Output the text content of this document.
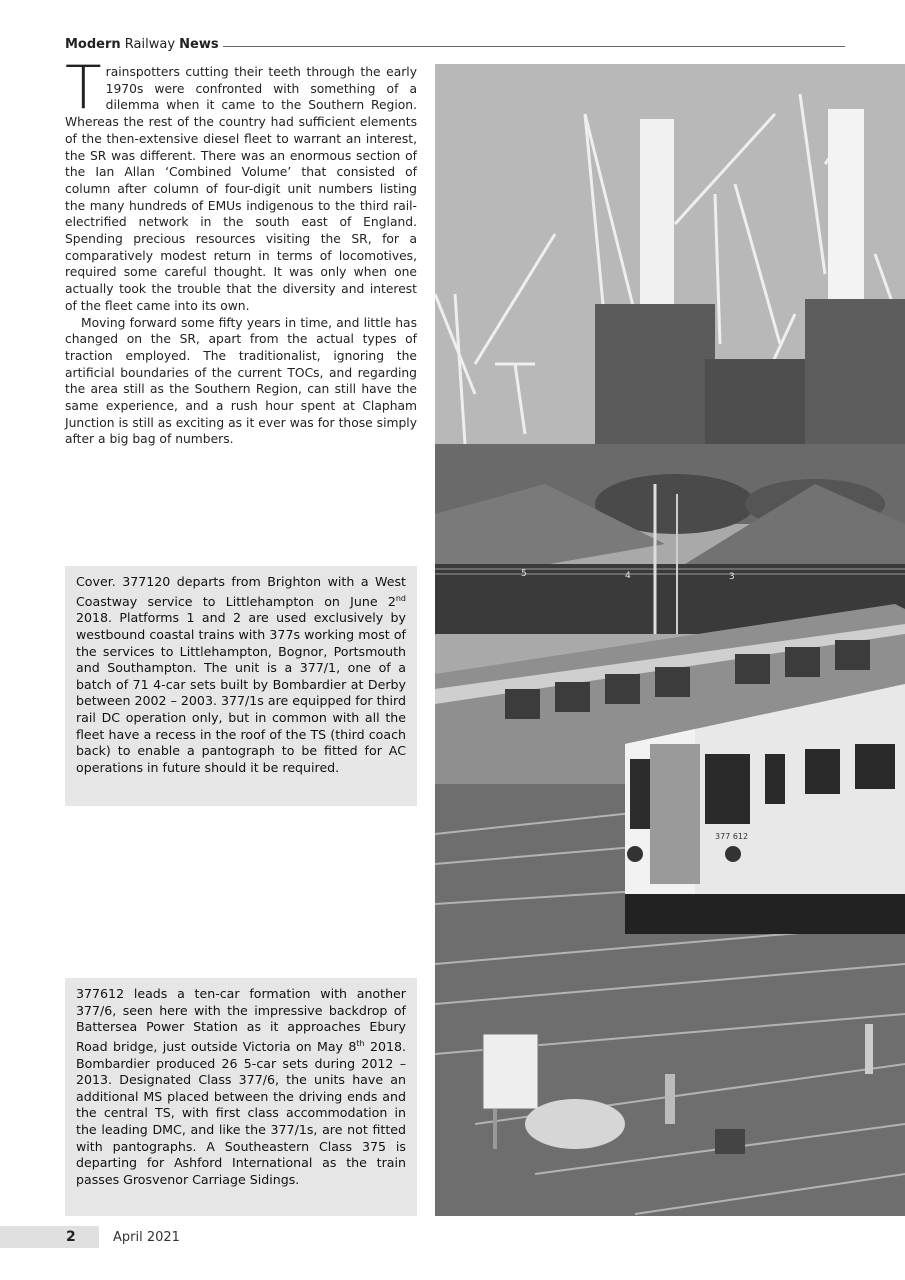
Modern Railway News

Trainspotters cutting their teeth through the early 1970s were confronted with something of a dilemma when it came to the Southern Region. Whereas the rest of the country had sufficient elements of the then-extensive diesel fleet to warrant an interest, the SR was different. There was an enormous section of the Ian Allan ‘Combined Volume’ that consisted of column after column of four-digit unit numbers listing the many hundreds of EMUs indigenous to the third rail-electrified network in the south east of England. Spending precious resources visiting the SR, for a comparatively modest return in terms of locomotives, required some careful thought. It was only when one actually took the trouble that the diversity and interest of the fleet came into its own.

Moving forward some fifty years in time, and little has changed on the SR, apart from the actual types of traction employed. The traditionalist, ignoring the artificial boundaries of the current TOCs, and regarding the area still as the Southern Region, can still have the same experience, and a rush hour spent at Clapham Junction is still as exciting as it ever was for those simply after a big bag of numbers.

Cover. 377120 departs from Brighton with a West Coastway service to Littlehampton on June 2nd 2018. Platforms 1 and 2 are used exclusively by westbound coastal trains with 377s working most of the services to Littlehampton, Bognor, Portsmouth and Southampton. The unit is a 377/1, one of a batch of 71 4-car sets built by Bombardier at Derby between 2002 – 2003. 377/1s are equipped for third rail DC operation only, but in common with all the fleet have a recess in the roof of the TS (third coach back) to enable a pantograph to be fitted for AC operations in future should it be required.
377612 leads a ten-car formation with another 377/6, seen here with the impressive backdrop of Battersea Power Station as it approaches Ebury Road bridge, just outside Victoria on May 8th 2018. Bombardier produced 26 5-car sets during 2012 – 2013. Designated Class 377/6, the units have an additional MS placed between the driving ends and the central TS, with first class accommodation in the leading DMC, and like the 377/1s, are not fitted with pantographs. A Southeastern Class 375 is departing for Ashford International as the train passes Grosvenor Carriage Sidings.
5	4	3
377 612
2	April 2021
